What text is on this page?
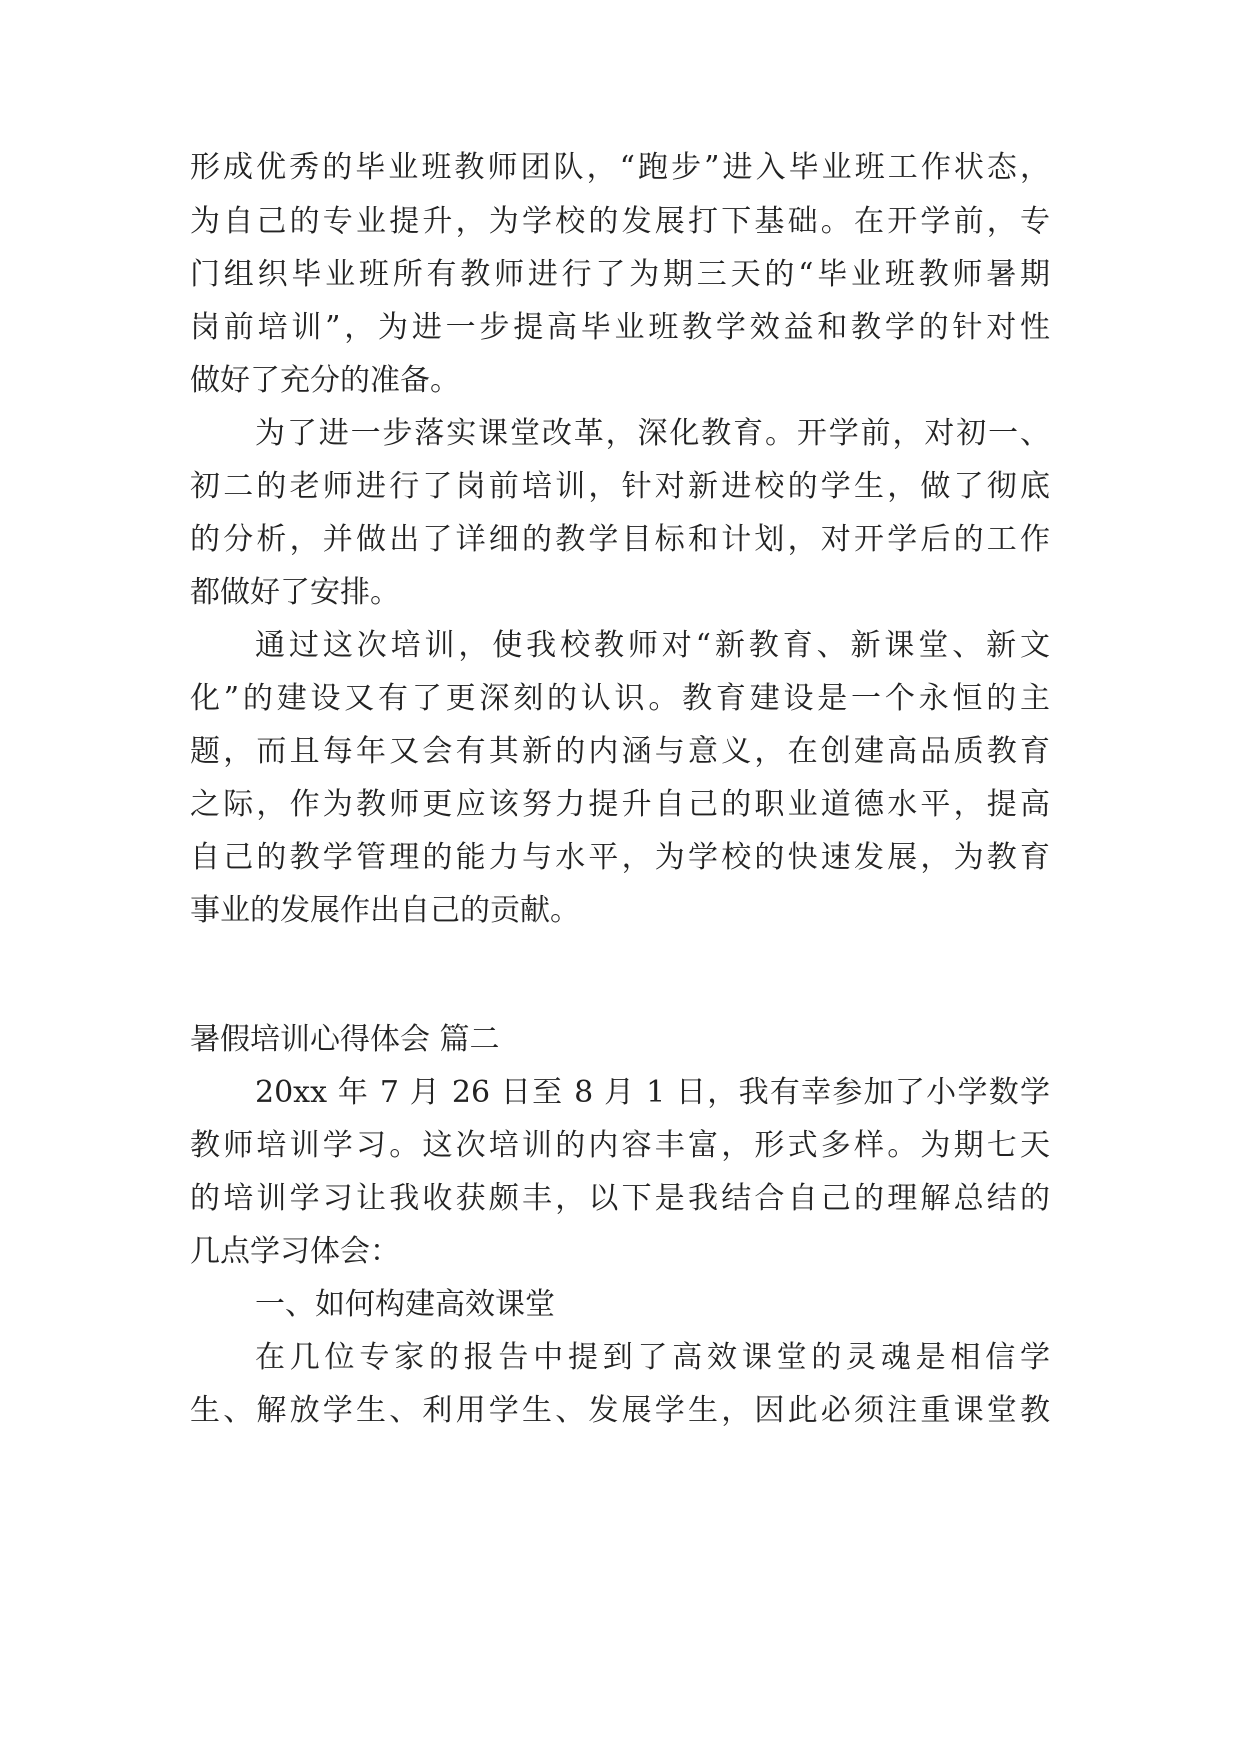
形成优秀的毕业班教师团队，“跑步”进入毕业班工作状态，
为自己的专业提升，为学校的发展打下基础。在开学前，专
门组织毕业班所有教师进行了为期三天的“毕业班教师暑期
岗前培训”，为进一步提高毕业班教学效益和教学的针对性
做好了充分的准备。
为了进一步落实课堂改革，深化教育。开学前，对初一、
初二的老师进行了岗前培训，针对新进校的学生，做了彻底
的分析，并做出了详细的教学目标和计划，对开学后的工作
都做好了安排。
通过这次培训，使我校教师对“新教育、新课堂、新文
化”的建设又有了更深刻的认识。教育建设是一个永恒的主
题，而且每年又会有其新的内涵与意义，在创建高品质教育
之际，作为教师更应该努力提升自己的职业道德水平，提高
自己的教学管理的能力与水平，为学校的快速发展，为教育
事业的发展作出自己的贡献。
暑假培训心得体会 篇二
20xx 年 7 月 26 日至 8 月 1 日，我有幸参加了小学数学
教师培训学习。这次培训的内容丰富，形式多样。为期七天
的培训学习让我收获颇丰，以下是我结合自己的理解总结的
几点学习体会：
一、如何构建高效课堂
在几位专家的报告中提到了高效课堂的灵魂是相信学
生、解放学生、利用学生、发展学生，因此必须注重课堂教
